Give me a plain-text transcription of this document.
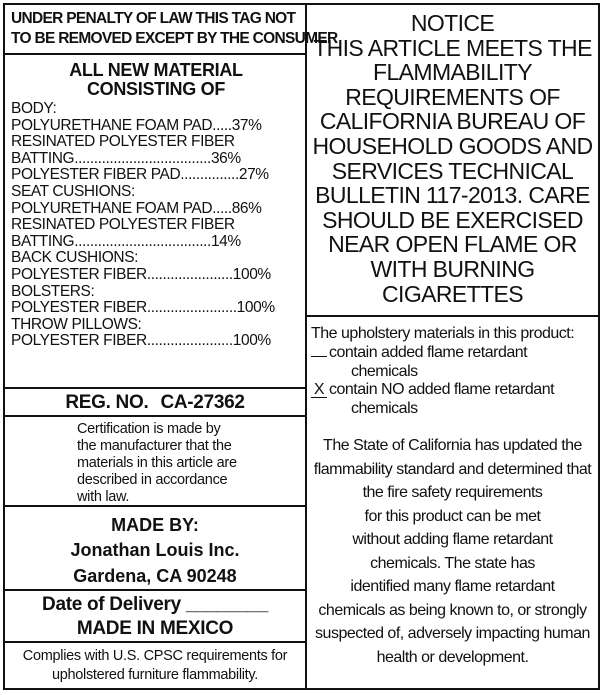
UNDER PENALTY OF LAW THIS TAG NOT
TO BE REMOVED EXCEPT BY THE CONSUMER
ALL NEW MATERIAL
CONSISTING OF
BODY:
POLYURETHANE FOAM PAD.....37%
RESINATED POLYESTER FIBER
BATTING...................................36%
POLYESTER FIBER PAD...............27%
SEAT CUSHIONS:
POLYURETHANE FOAM PAD.....86%
RESINATED POLYESTER FIBER
BATTING...................................14%
BACK CUSHIONS:
POLYESTER FIBER......................100%
BOLSTERS:
POLYESTER FIBER.......................100%
THROW PILLOWS:
POLYESTER FIBER......................100%
REG. NO. CA-27362
Certification is made by
the manufacturer that the
materials in this article are
described in accordance
with law.
MADE BY:
Jonathan Louis Inc.
Gardena, CA 90248
Date of Delivery ________
MADE IN MEXICO
Complies with U.S. CPSC requirements for
upholstered furniture flammability.
NOTICE
THIS ARTICLE MEETS THE
FLAMMABILITY
REQUIREMENTS OF
CALIFORNIA BUREAU OF
HOUSEHOLD GOODS AND
SERVICES TECHNICAL
BULLETIN 117-2013. CARE
SHOULD BE EXERCISED
NEAR OPEN FLAME OR
WITH BURNING
CIGARETTES
The upholstery materials in this product:
contain added flame retardant
chemicals
X contain NO added flame retardant
chemicals
The State of California has updated the
flammability standard and determined that
the fire safety requirements
for this product can be met
without adding flame retardant
chemicals. The state has
identified many flame retardant
chemicals as being known to, or strongly
suspected of, adversely impacting human
health or development.
